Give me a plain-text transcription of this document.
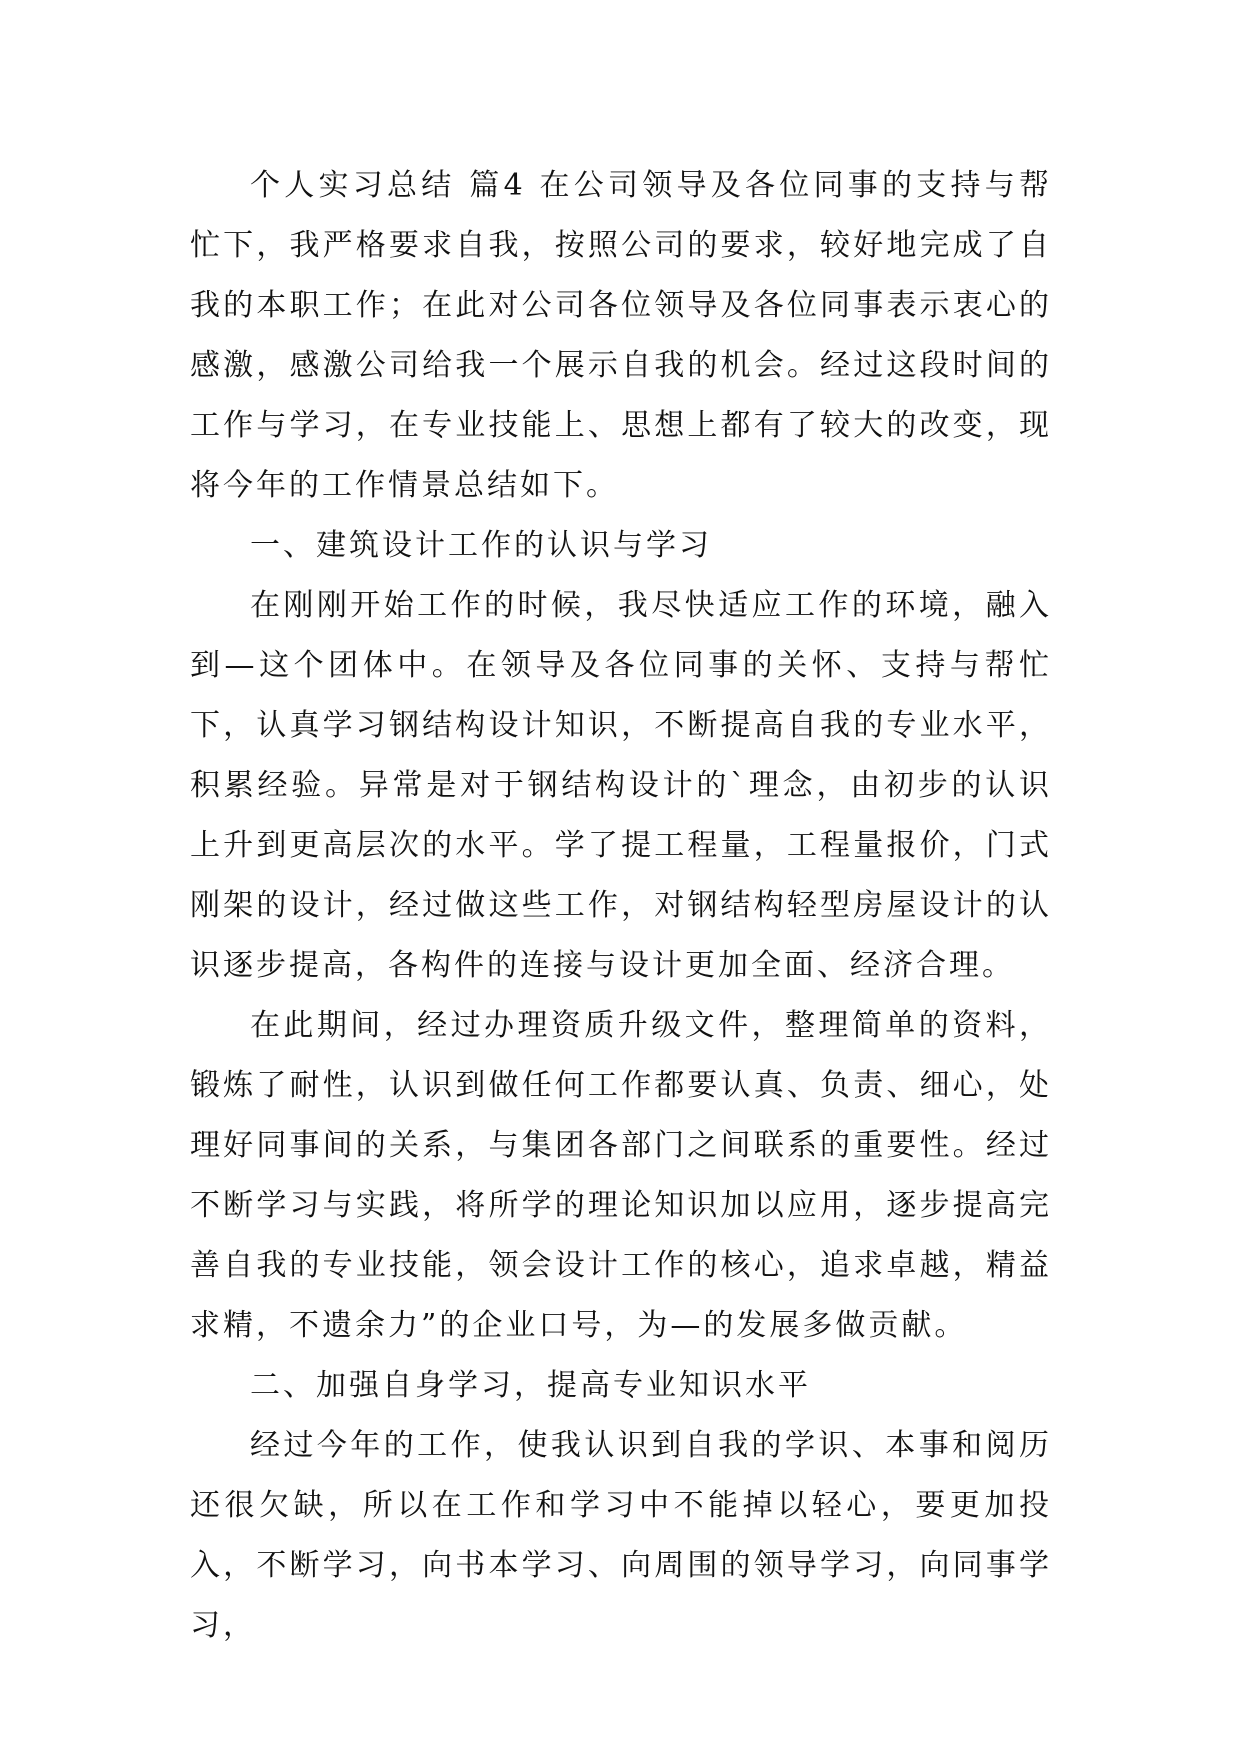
个人实习总结 篇4 在公司领导及各位同事的支持与帮忙下，我严格要求自我，按照公司的要求，较好地完成了自我的本职工作；在此对公司各位领导及各位同事表示衷心的感激，感激公司给我一个展示自我的机会。经过这段时间的工作与学习，在专业技能上、思想上都有了较大的改变，现将今年的工作情景总结如下。

一、建筑设计工作的认识与学习

在刚刚开始工作的时候，我尽快适应工作的环境，融入到—这个团体中。在领导及各位同事的关怀、支持与帮忙下，认真学习钢结构设计知识，不断提高自我的专业水平，积累经验。异常是对于钢结构设计的`理念，由初步的认识上升到更高层次的水平。学了提工程量，工程量报价，门式刚架的设计，经过做这些工作，对钢结构轻型房屋设计的认识逐步提高，各构件的连接与设计更加全面、经济合理。

在此期间，经过办理资质升级文件，整理简单的资料，锻炼了耐性，认识到做任何工作都要认真、负责、细心，处理好同事间的关系，与集团各部门之间联系的重要性。经过不断学习与实践，将所学的理论知识加以应用，逐步提高完善自我的专业技能，领会设计工作的核心，追求卓越，精益求精，不遗余力”的企业口号，为—的发展多做贡献。

二、加强自身学习，提高专业知识水平

经过今年的工作，使我认识到自我的学识、本事和阅历还很欠缺，所以在工作和学习中不能掉以轻心，要更加投入，不断学习，向书本学习、向周围的领导学习，向同事学习，
